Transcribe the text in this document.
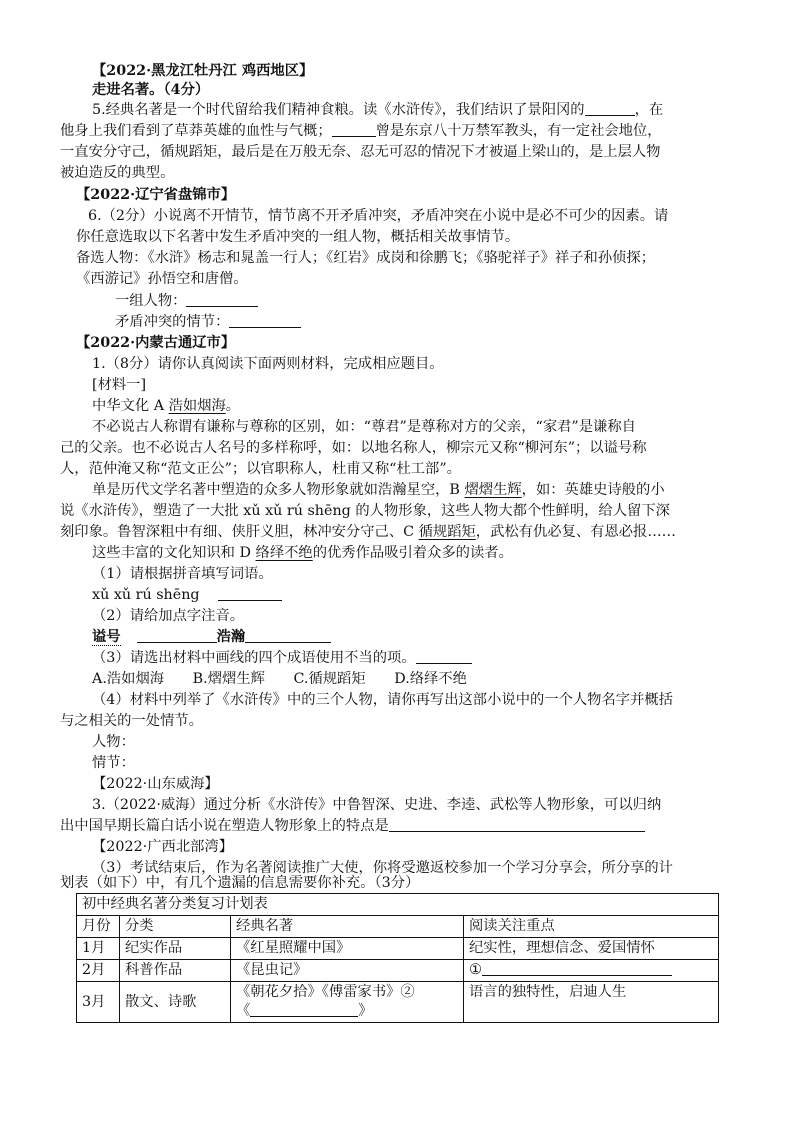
【2022·黑龙江牡丹江 鸡西地区】
走进名著。（4分）
5.经典名著是一个时代留给我们精神食粮。读《水浒传》，我们结识了景阳冈的	，在
他身上我们看到了草莽英雄的血性与气概；	曾是东京八十万禁军教头，有一定社会地位，
一直安分守己，循规蹈矩，最后是在万般无奈、忍无可忍的情况下才被逼上梁山的，是上层人物
被迫造反的典型。
【2022·辽宁省盘锦市】
6.（2分）小说离不开情节，情节离不开矛盾冲突，矛盾冲突在小说中是必不可少的因素。请
你任意选取以下名著中发生矛盾冲突的一组人物，概括相关故事情节。
备选人物：《水浒》杨志和晁盖一行人；《红岩》成岗和徐鹏飞；《骆驼祥子》祥子和孙侦探；
《西游记》孙悟空和唐僧。
一组人物：
矛盾冲突的情节：
【2022·内蒙古通辽市】
1.（8分）请你认真阅读下面两则材料，完成相应题目。
[材料一]
中华文化 A 浩如烟海。
不必说古人称谓有谦称与尊称的区别，如：“尊君”是尊称对方的父亲，“家君”是谦称自
己的父亲。也不必说古人名号的多样称呼，如：以地名称人，柳宗元又称“柳河东”；以谥号称
人，范仲淹又称“范文正公”；以官职称人，杜甫又称“杜工部”。
单是历代文学名著中塑造的众多人物形象就如浩瀚星空，B 熠熠生辉，如：英雄史诗般的小
说《水浒传》，塑造了一大批 xǔ xǔ rú shēng 的人物形象，这些人物大都个性鲜明，给人留下深
刻印象。鲁智深粗中有细、侠肝义胆，林冲安分守己、C 循规蹈矩，武松有仇必复、有恩必报……
这些丰富的文化知识和 D 络绎不绝的优秀作品吸引着众多的读者。
（1）请根据拼音填写词语。
xǔ xǔ rú shēng
（2）请给加点字注音。
谥号	浩瀚
（3）请选出材料中画线的四个成语使用不当的项。
A.浩如烟海　　B.熠熠生辉　　C.循规蹈矩　　D.络绎不绝
（4）材料中列举了《水浒传》中的三个人物，请你再写出这部小说中的一个人物名字并概括
与之相关的一处情节。
人物：
情节：
【2022·山东威海】
3.（2022·威海）通过分析《水浒传》中鲁智深、史进、李逵、武松等人物形象，可以归纳
出中国早期长篇白话小说在塑造人物形象上的特点是
【2022·广西北部湾】
（3）考试结束后，作为名著阅读推广大使，你将受邀返校参加一个学习分享会，所分享的计
划表（如下）中，有几个遗漏的信息需要你补充。（3分）
初中经典名著分类复习计划表			
月份	分类	经典名著	阅读关注重点
1月	纪实作品	《红星照耀中国》	纪实性，理想信念、爱国情怀
2月	科普作品	《昆虫记》	①
3月	散文、诗歌	《朝花夕拾》《傅雷家书》②
《 》	语言的独特性，启迪人生
